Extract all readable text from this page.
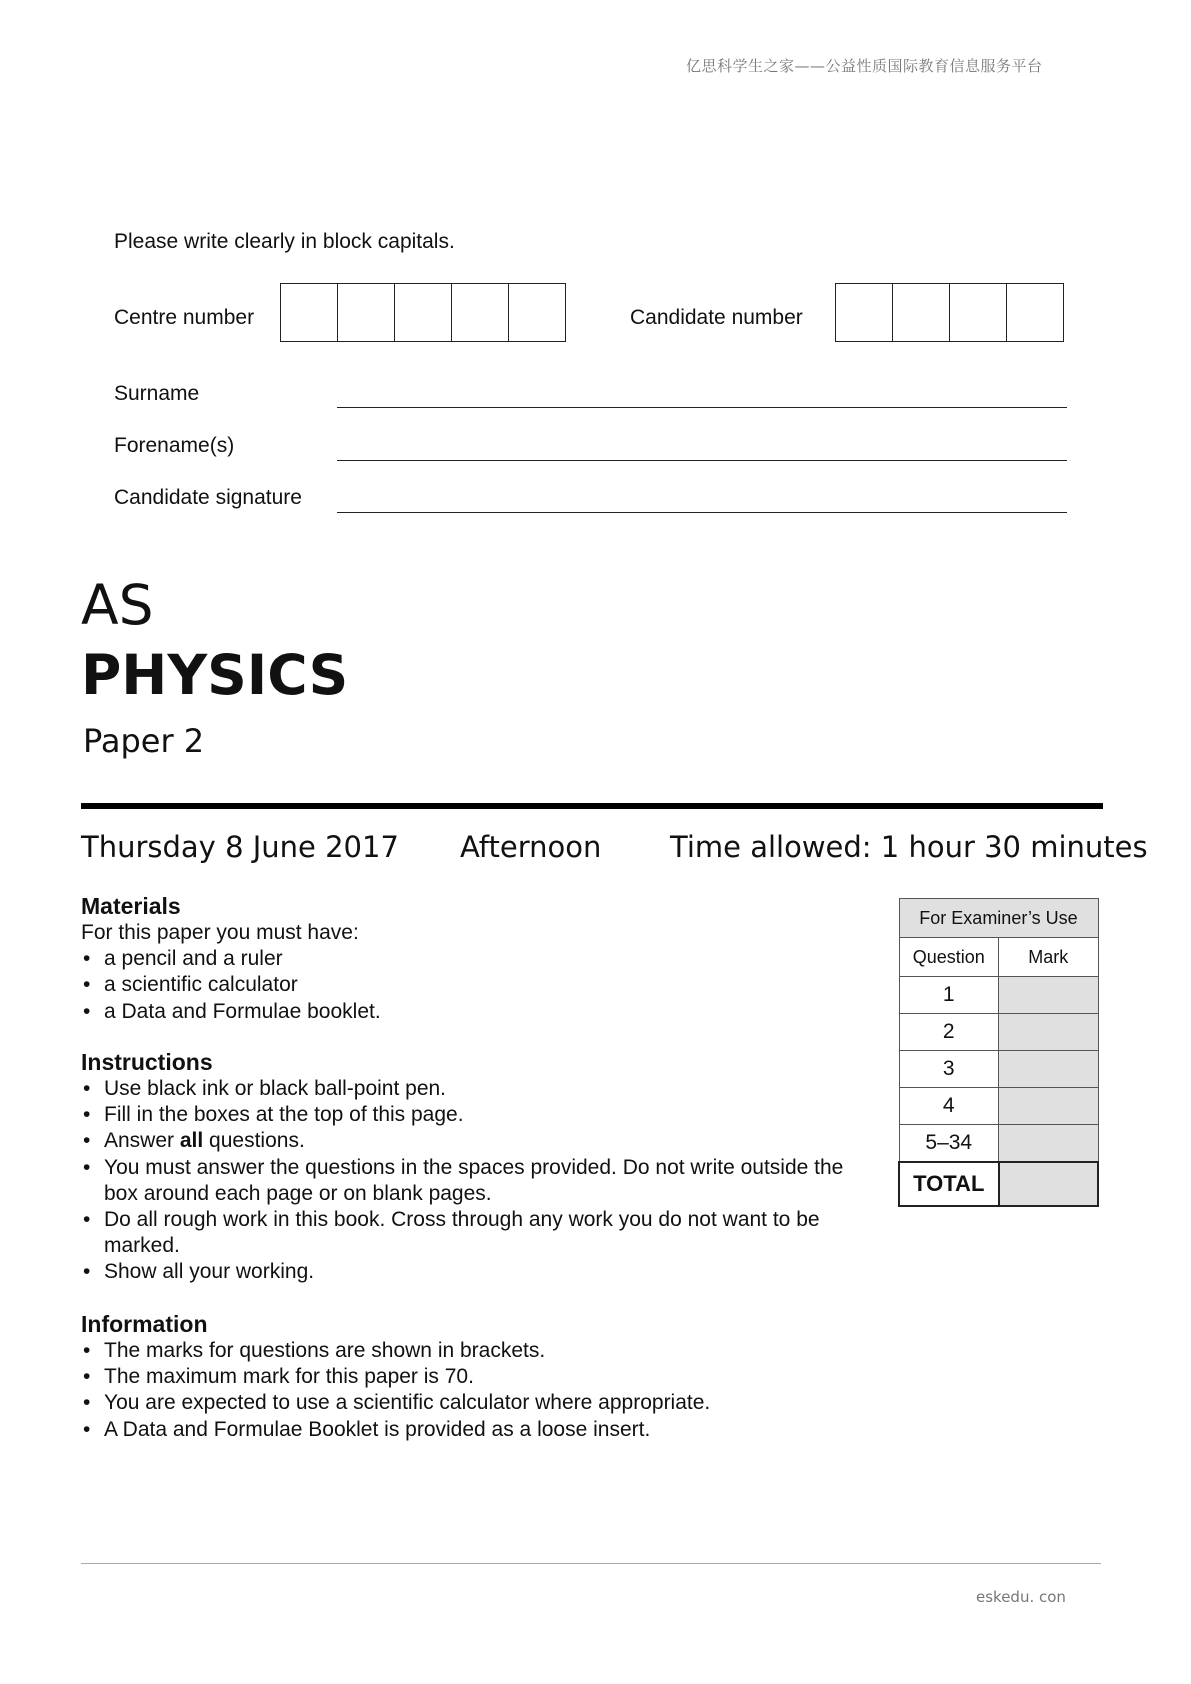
亿思科学生之家——公益性质国际教育信息服务平台
Please write clearly in block capitals.
Centre number	Candidate number
Surname
Forename(s)
Candidate signature
AS
PHYSICS
Paper 2
Thursday 8 June 2017 Afternoon Time allowed: 1 hour 30 minutes
Materials
For this paper you must have:
• a pencil and a ruler
• a scientific calculator
• a Data and Formulae booklet.
Instructions
• Use black ink or black ball-point pen.
• Fill in the boxes at the top of this page.
• Answer all questions.
• You must answer the questions in the spaces provided. Do not write outside the box around each page or on blank pages.
• Do all rough work in this book. Cross through any work you do not want to be marked.
• Show all your working.
Information
• The marks for questions are shown in brackets.
• The maximum mark for this paper is 70.
• You are expected to use a scientific calculator where appropriate.
• A Data and Formulae Booklet is provided as a loose insert.
For Examiner’s Use	
Question	Mark
1	
2	
3	
4	
5–34	
TOTAL	
eskedu. con
